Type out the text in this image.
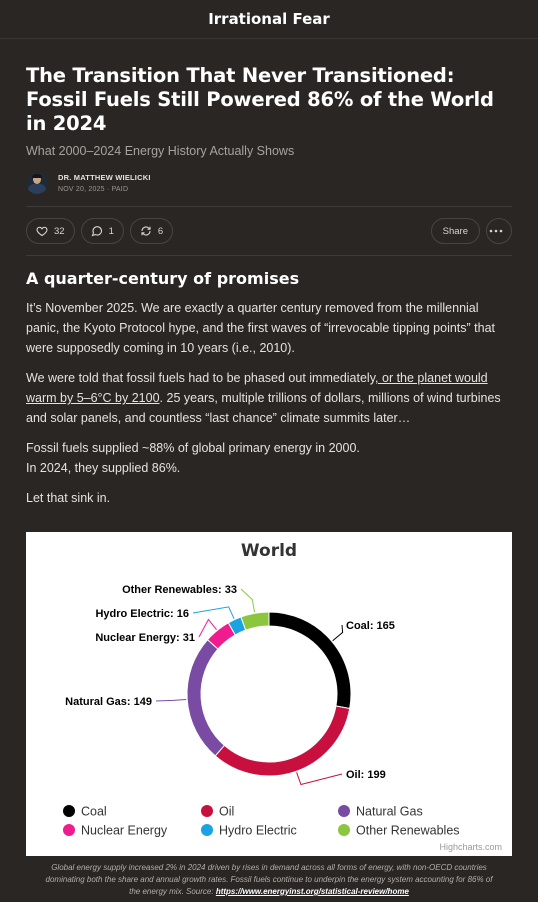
Irrational Fear
The Transition That Never Transitioned: Fossil Fuels Still Powered 86% of the World in 2024
What 2000–2024 Energy History Actually Shows
DR. MATTHEW WIELICKI
NOV 20, 2025 · PAID
32	1	6	Share
A quarter-century of promises

It’s November 2025. We are exactly a quarter century removed from the millennial panic, the Kyoto Protocol hype, and the first waves of “irrevocable tipping points” that were supposedly coming in 10 years (i.e., 2010).

We were told that fossil fuels had to be phased out immediately, or the planet would warm by 5–6°C by 2100. 25 years, multiple trillions of dollars, millions of wind turbines and solar panels, and countless “last chance” climate summits later…

Fossil fuels supplied ~88% of global primary energy in 2000.
In 2024, they supplied 86%.

Let that sink in.

World
Coal: 165
Oil: 199
Natural Gas: 149
Nuclear Energy: 31
Hydro Electric: 16
Other Renewables: 33
Coal	Oil	Natural Gas
Nuclear Energy	Hydro Electric	Other Renewables
Highcharts.com
Global energy supply increased 2% in 2024 driven by rises in demand across all forms of energy, with non-OECD countries dominating both the share and annual growth rates. Fossil fuels continue to underpin the energy system accounting for 86% of the energy mix. Source: https://www.energyinst.org/statistical-review/home
